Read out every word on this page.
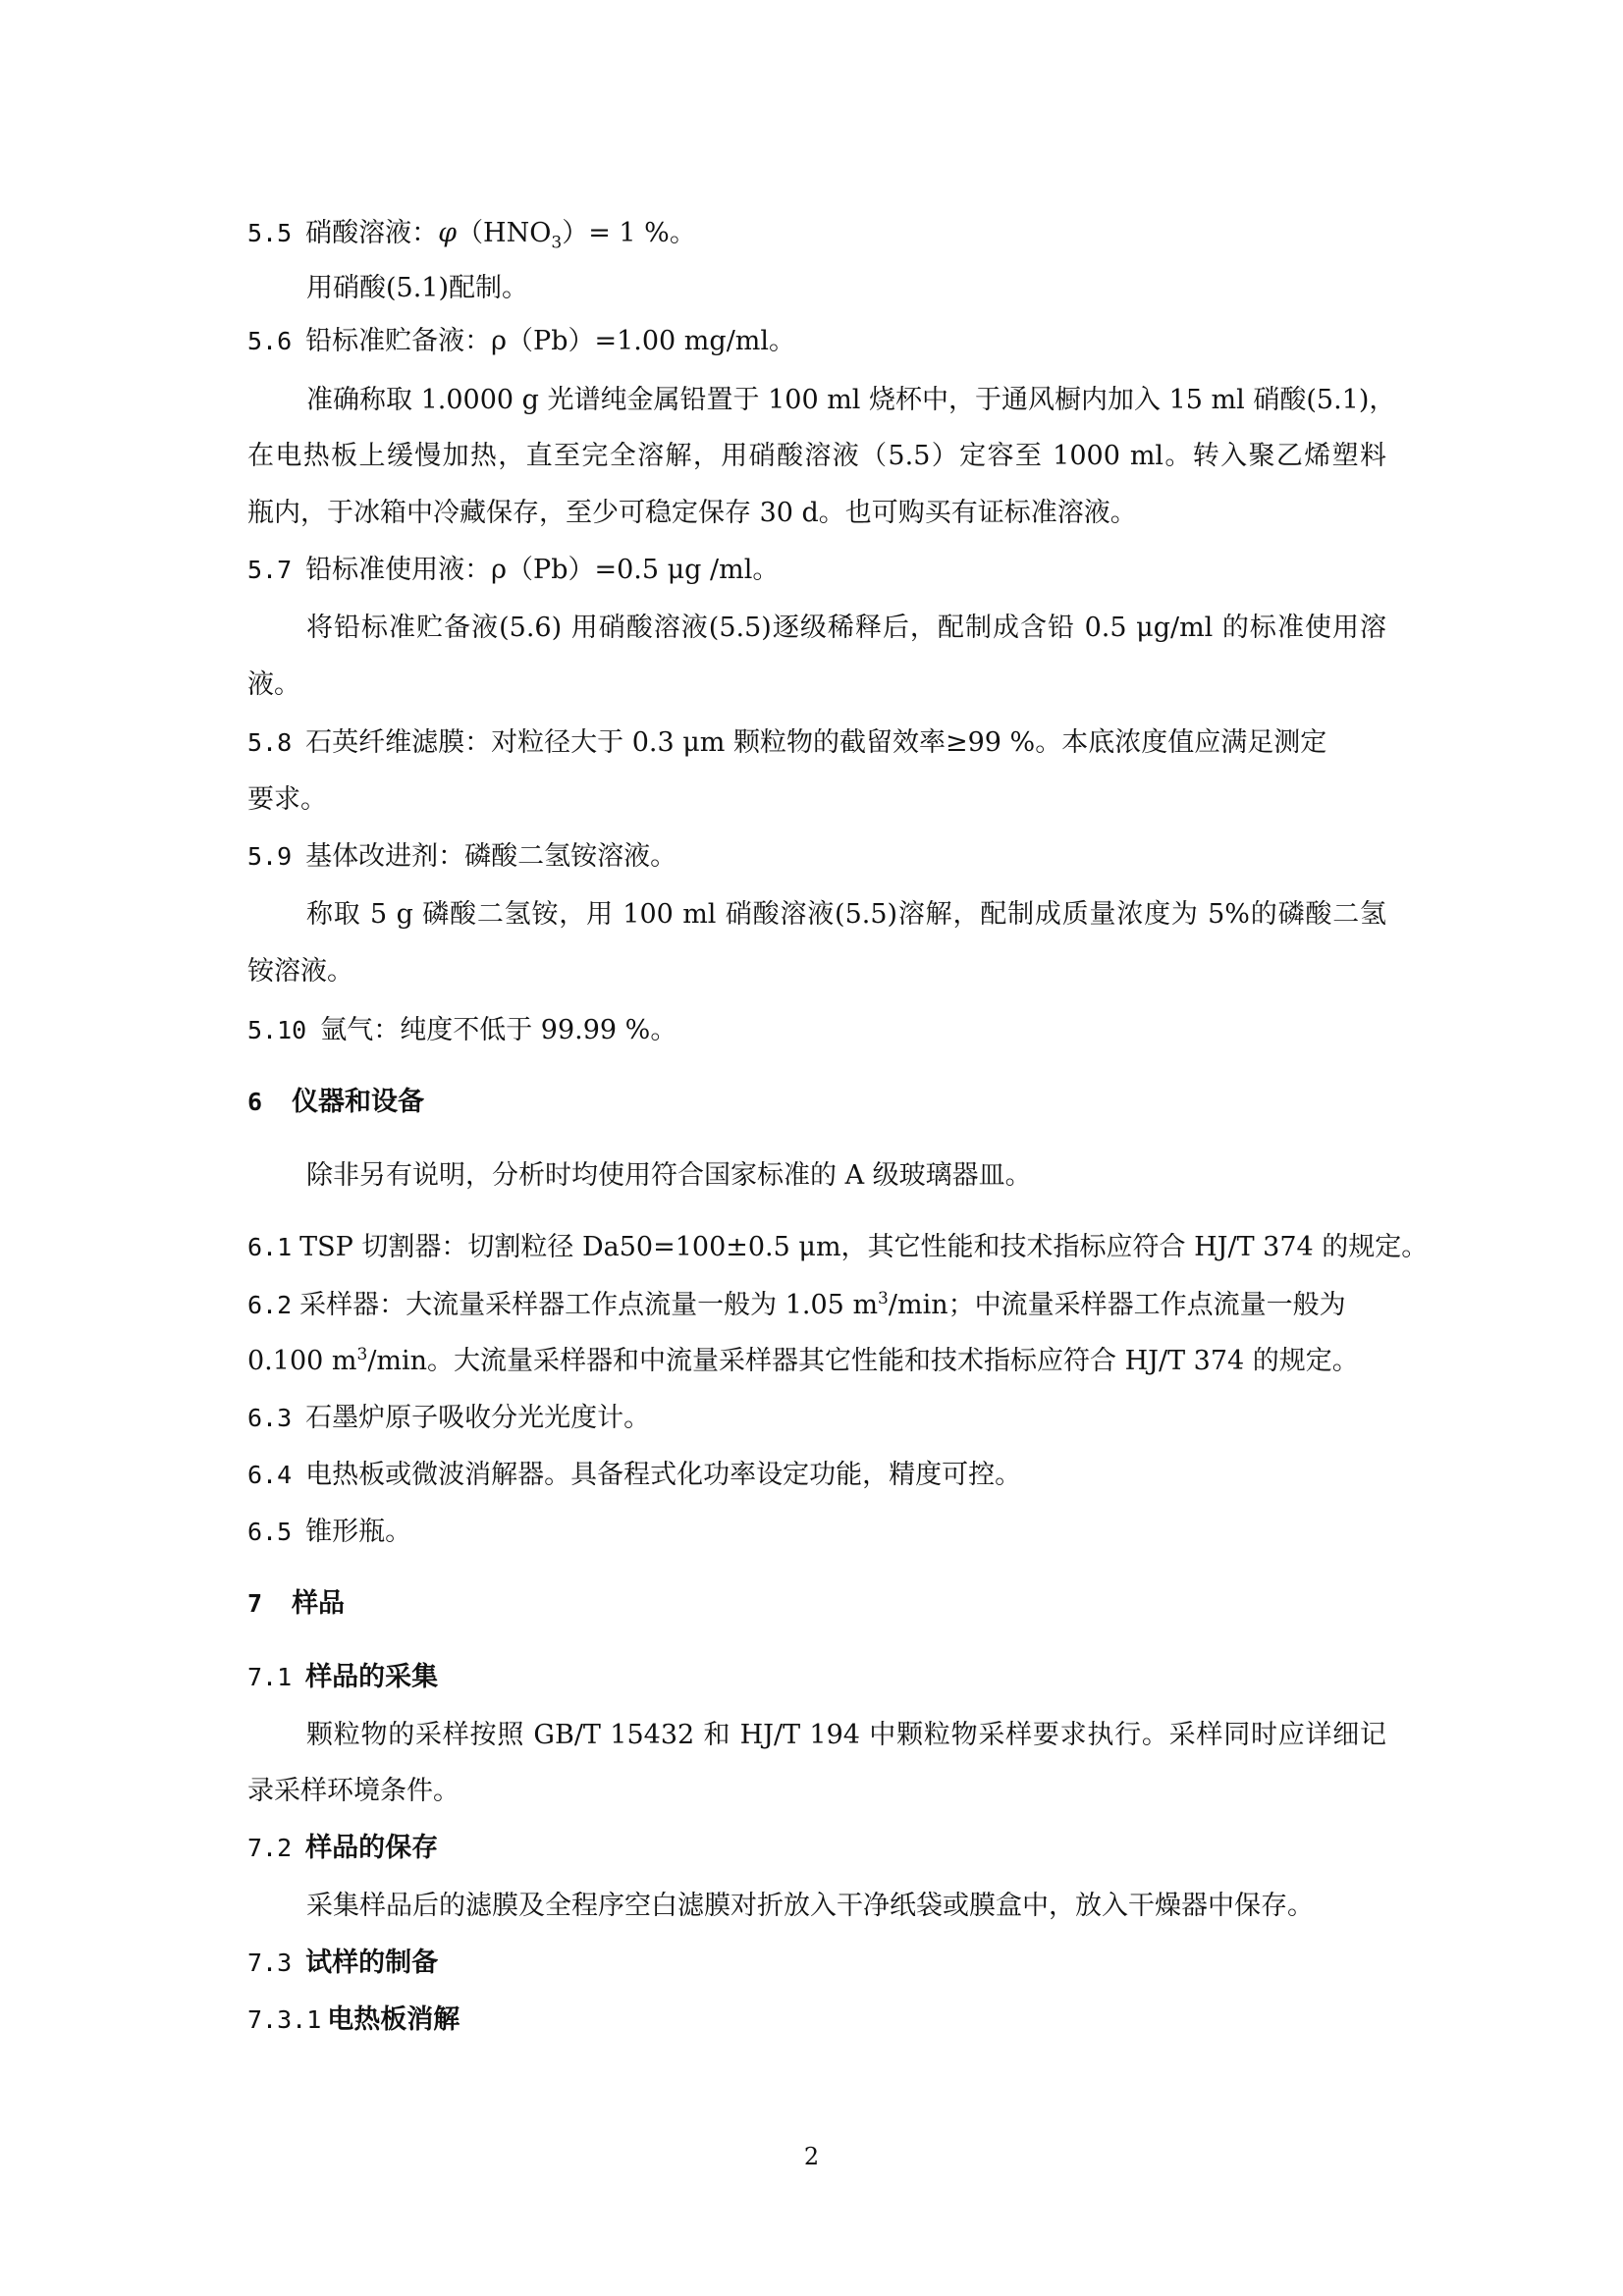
5.5 硝酸溶液：$\varphi(HNO_3)= 1$ %。
用硝酸(5.1)配制。
5.6 铅标准贮备液：ρ（Pb）=1.00 mg/ml。
准确称取 1.0000 g 光谱纯金属铅置于 100 ml 烧杯中，于通风橱内加入 15 ml 硝酸(5.1)，
在电热板上缓慢加热，直至完全溶解，用硝酸溶液（5.5）定容至 1000 ml。转入聚乙烯塑料
瓶内，于冰箱中冷藏保存，至少可稳定保存 30 d。也可购买有证标准溶液。
5.7 铅标准使用液：ρ（Pb）=0.5 μg /ml。
将铅标准贮备液(5.6) 用硝酸溶液(5.5)逐级稀释后，配制成含铅 0.5 μg/ml 的标准使用溶
液。
5.8 石英纤维滤膜：对粒径大于 0.3 μm 颗粒物的截留效率≥99 %。本底浓度值应满足测定
要求。
5.9 基体改进剂：磷酸二氢铵溶液。
称取 5 g 磷酸二氢铵，用 100 ml 硝酸溶液(5.5)溶解，配制成质量浓度为 5%的磷酸二氢
铵溶液。
5.10 氩气：纯度不低于 99.99 %。
6 仪器和设备
除非另有说明，分析时均使用符合国家标准的 A 级玻璃器皿。
6.1 TSP 切割器：切割粒径 Da50=100±0.5 μm，其它性能和技术指标应符合 HJ/T 374 的规定。
6.2 采样器：大流量采样器工作点流量一般为 1.05 $m^3/\min$；中流量采样器工作点流量一般为
0.100 $m^3/\min$。大流量采样器和中流量采样器其它性能和技术指标应符合 HJ/T 374 的规定。
6.3 石墨炉原子吸收分光光度计。
6.4 电热板或微波消解器。具备程式化功率设定功能，精度可控。
6.5 锥形瓶。
7 样品
7.1 样品的采集
颗粒物的采样按照 GB/T 15432 和 HJ/T 194 中颗粒物采样要求执行。采样同时应详细记
录采样环境条件。
7.2 样品的保存
采集样品后的滤膜及全程序空白滤膜对折放入干净纸袋或膜盒中，放入干燥器中保存。
7.3 试样的制备
7.3.1 电热板消解
2
